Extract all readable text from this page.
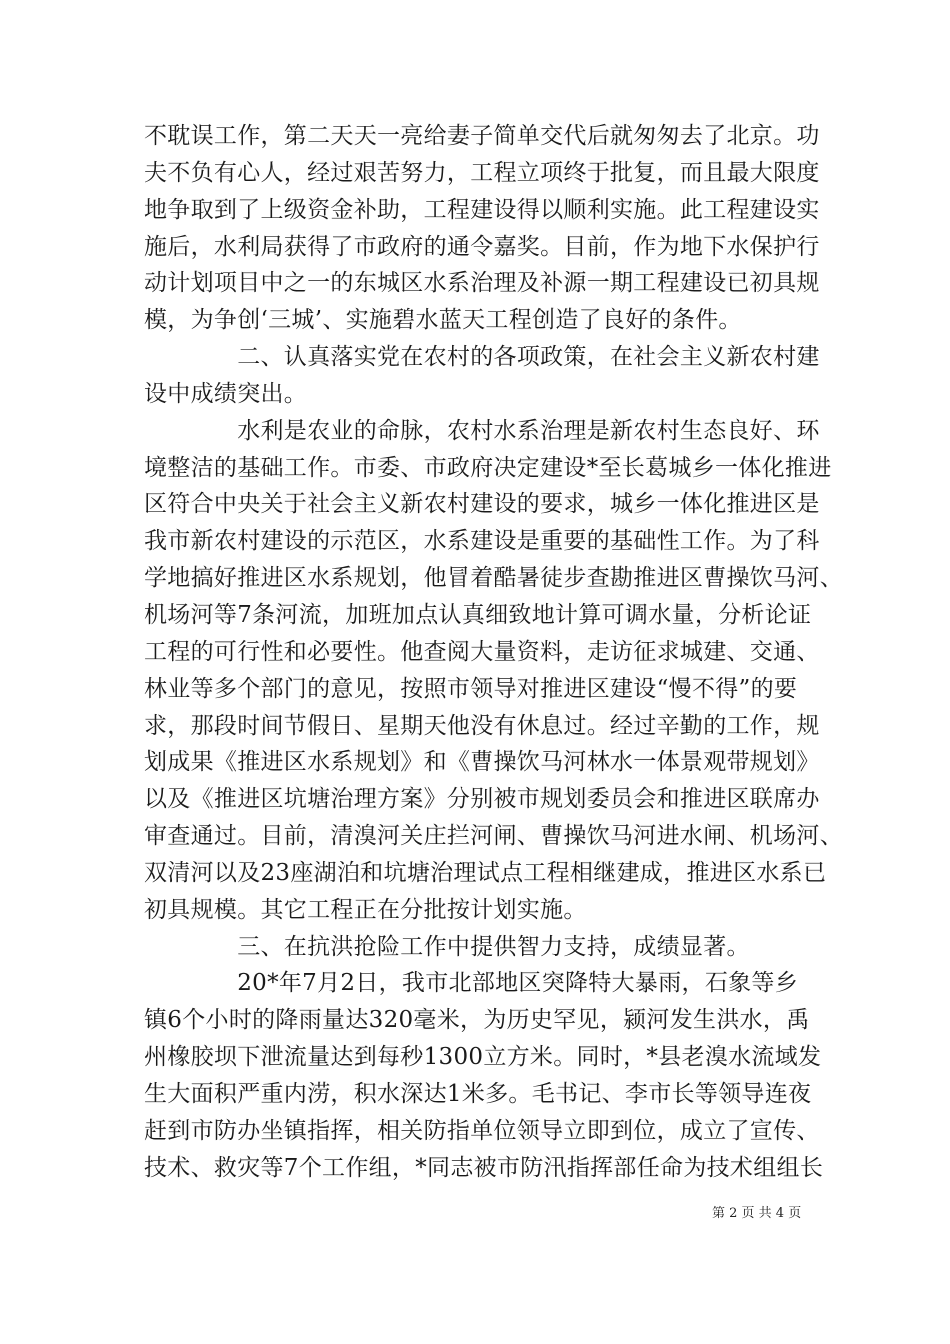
不耽误工作，第二天天一亮给妻子简单交代后就匆匆去了北京。功
夫不负有心人，经过艰苦努力，工程立项终于批复，而且最大限度
地争取到了上级资金补助，工程建设得以顺利实施。此工程建设实
施后，水利局获得了市政府的通令嘉奖。目前，作为地下水保护行
动计划项目中之一的东城区水系治理及补源一期工程建设已初具规
模，为争创‘三城’、实施碧水蓝天工程创造了良好的条件。
　　　　二、认真落实党在农村的各项政策，在社会主义新农村建
设中成绩突出。
　　　　水利是农业的命脉，农村水系治理是新农村生态良好、环
境整洁的基础工作。市委、市政府决定建设*至长葛城乡一体化推进
区符合中央关于社会主义新农村建设的要求，城乡一体化推进区是
我市新农村建设的示范区，水系建设是重要的基础性工作。为了科
学地搞好推进区水系规划，他冒着酷暑徒步查勘推进区曹操饮马河、
机场河等7条河流，加班加点认真细致地计算可调水量，分析论证
工程的可行性和必要性。他查阅大量资料，走访征求城建、交通、
林业等多个部门的意见，按照市领导对推进区建设“慢不得”的要
求，那段时间节假日、星期天他没有休息过。经过辛勤的工作，规
划成果《推进区水系规划》和《曹操饮马河林水一体景观带规划》
以及《推进区坑塘治理方案》分别被市规划委员会和推进区联席办
审查通过。目前，清溴河关庄拦河闸、曹操饮马河进水闸、机场河、
双清河以及23座湖泊和坑塘治理试点工程相继建成，推进区水系已
初具规模。其它工程正在分批按计划实施。
　　　　三、在抗洪抢险工作中提供智力支持，成绩显著。
　　　　20*年7月2日，我市北部地区突降特大暴雨，石象等乡
镇6个小时的降雨量达320毫米，为历史罕见，颍河发生洪水，禹
州橡胶坝下泄流量达到每秒1300立方米。同时，*县老溴水流域发
生大面积严重内涝，积水深达1米多。毛书记、李市长等领导连夜
赶到市防办坐镇指挥，相关防指单位领导立即到位，成立了宣传、
技术、救灾等7个工作组，*同志被市防汛指挥部任命为技术组组长
第 2 页 共 4 页
